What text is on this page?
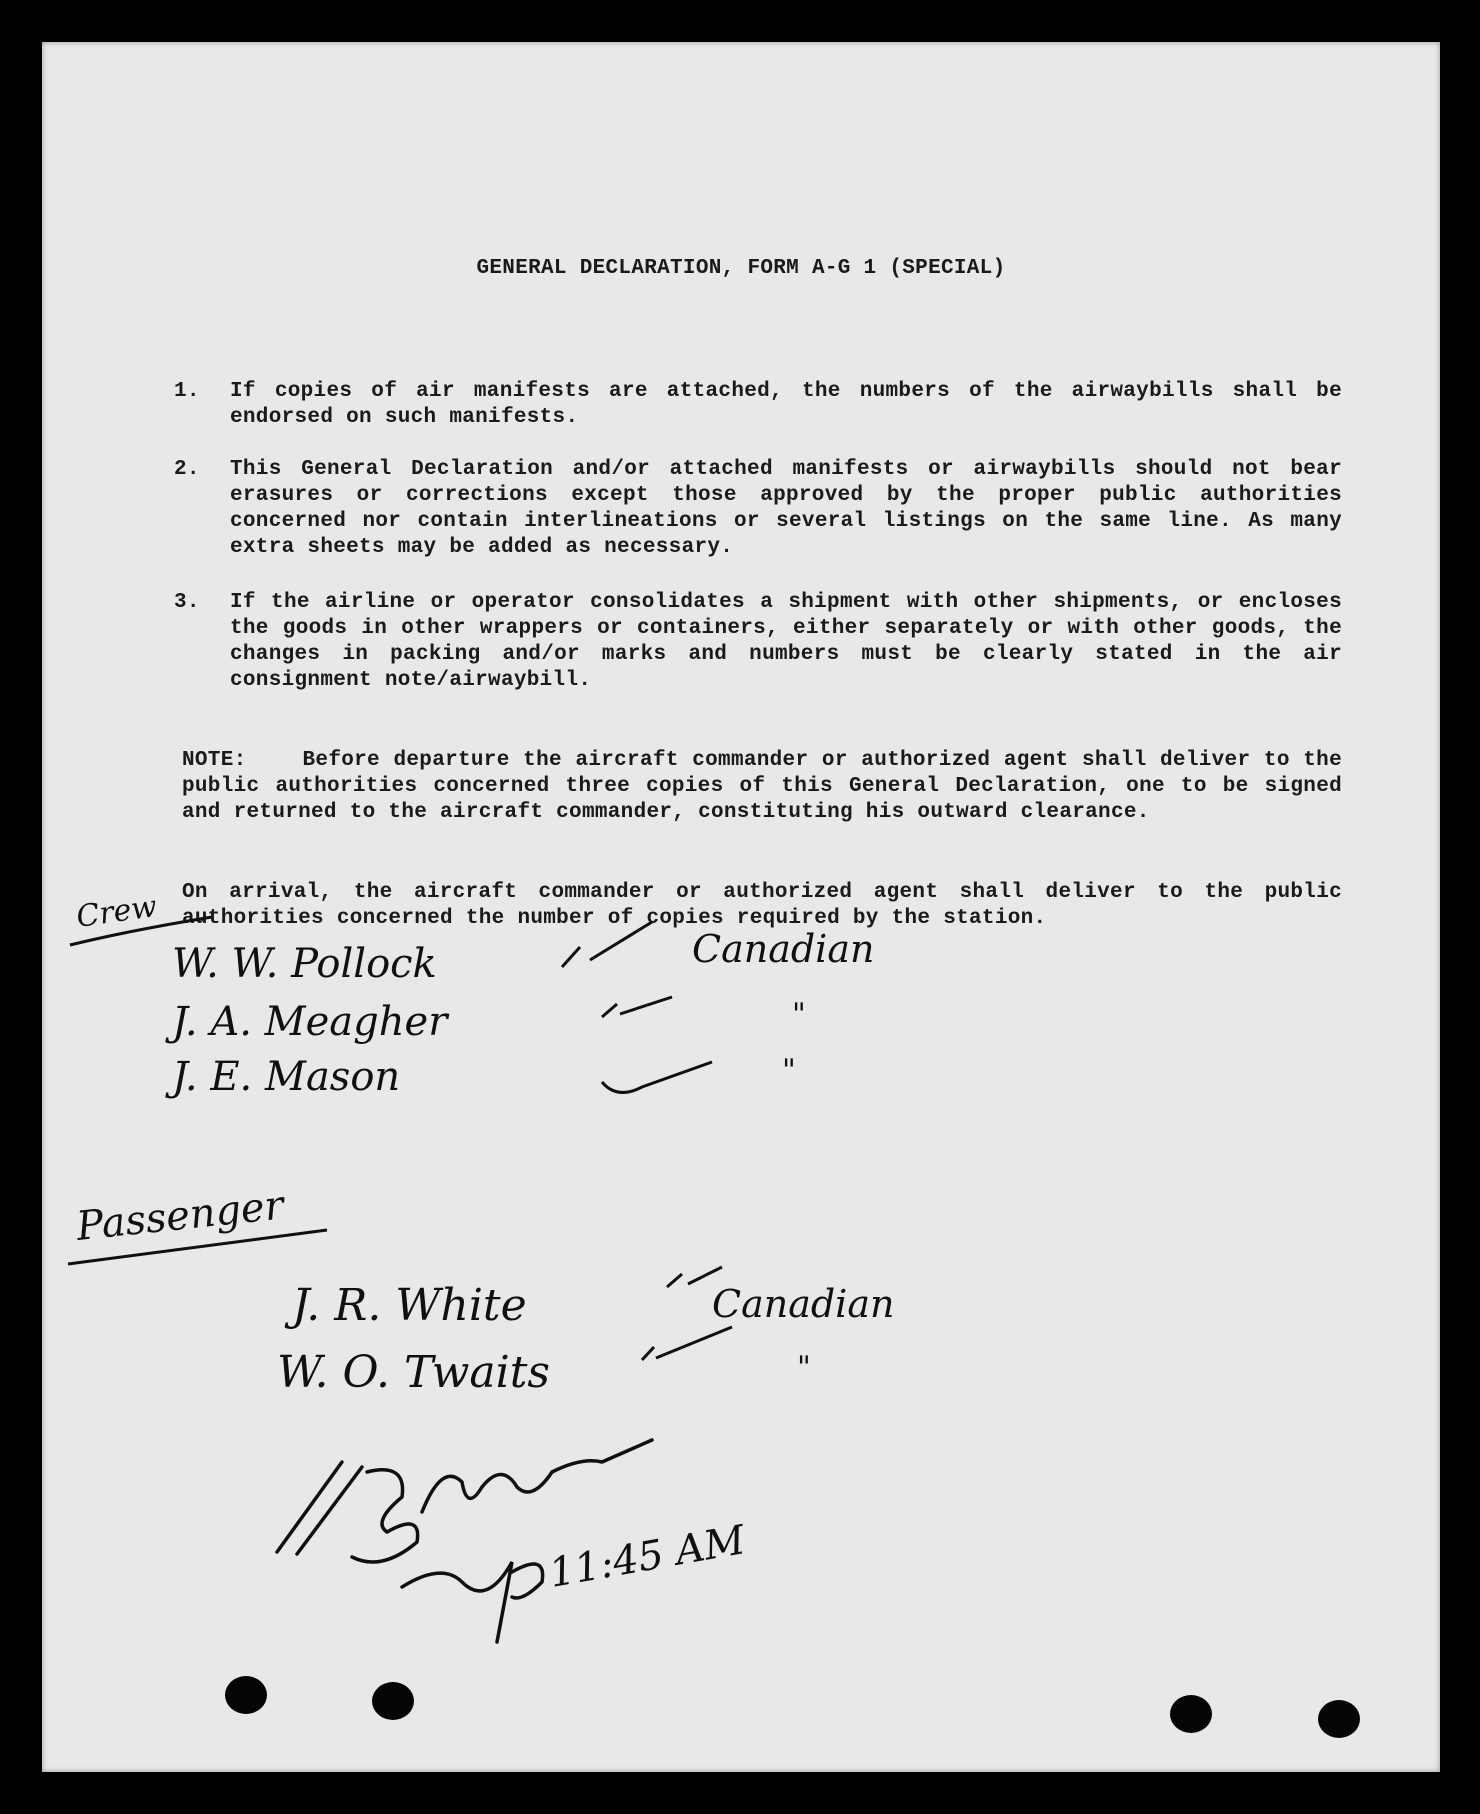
GENERAL DECLARATION, FORM A-G 1 (SPECIAL)
1. If copies of air manifests are attached, the numbers of the airwaybills shall be endorsed on such manifests.
2. This General Declaration and/or attached manifests or airwaybills should not bear erasures or corrections except those approved by the proper public authorities concerned nor contain interlineations or several listings on the same line. As many extra sheets may be added as necessary.
3. If the airline or operator consolidates a shipment with other shipments, or encloses the goods in other wrappers or containers, either separately or with other goods, the changes in packing and/or marks and numbers must be clearly stated in the air consignment note/airwaybill.
NOTE:	Before departure the aircraft commander or authorized agent shall deliver to the public authorities concerned three copies of this General Declaration, one to be signed and returned to the aircraft commander, constituting his outward clearance.
On arrival, the aircraft commander or authorized agent shall deliver to the public authorities concerned the number of copies required by the station.
Crew
W. W. Pollock	Canadian
J. A. Meagher	"
J. E. Mason	"
Passenger
J. R. White	Canadian
W. O. Twaits	"
11:45 AM
